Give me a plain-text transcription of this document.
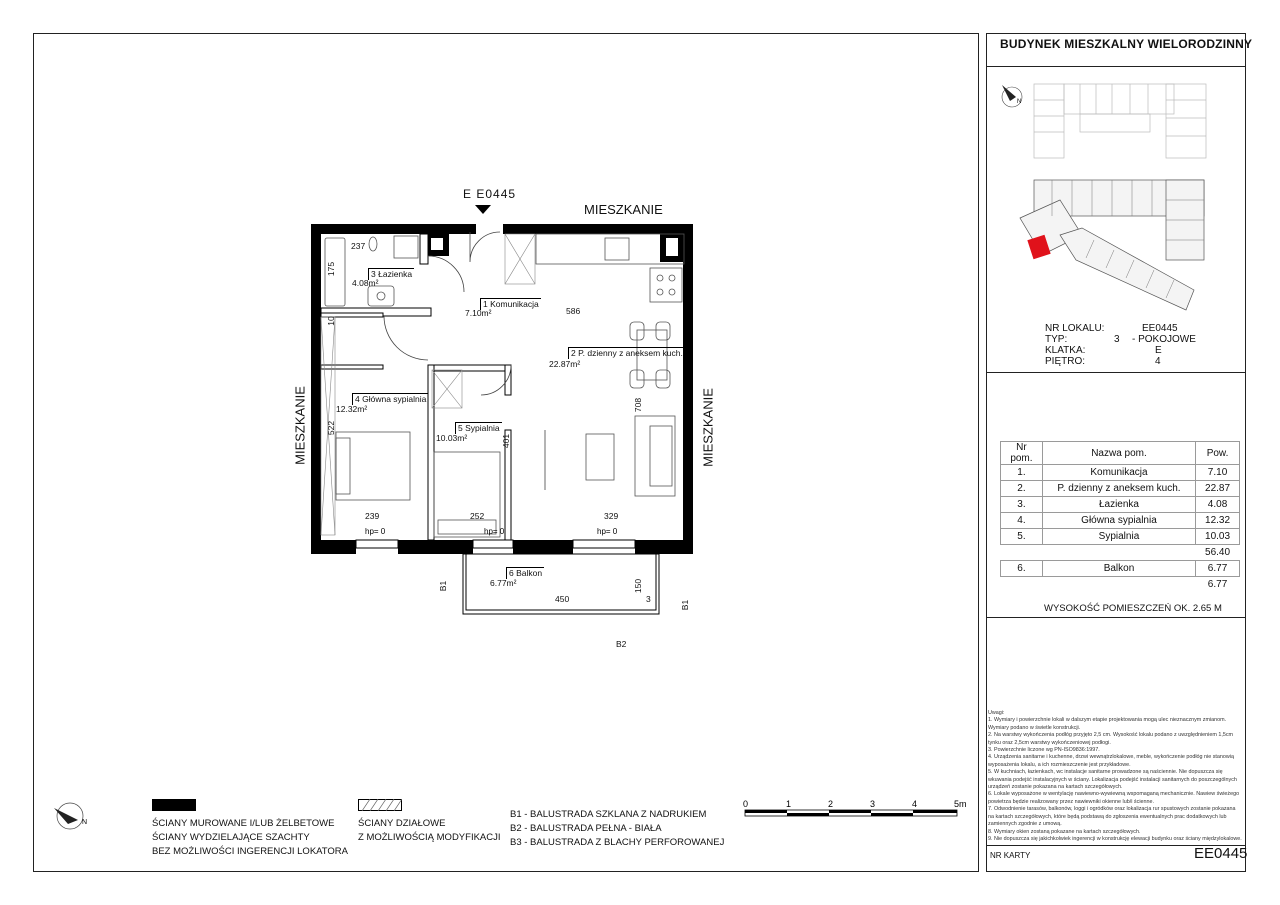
BUDYNEK MIESZKALNY WIELORODZINNY
N
NR LOKALU:	EE0445
TYP:	3 - POKOJOWE
KLATKA:	E
PIĘTRO:	4
Nr pom.	Nazwa pom.	Pow.
1.	Komunikacja	7.10
2.	P. dzienny z aneksem kuch.	22.87
3.	Łazienka	4.08
4.	Główna sypialnia	12.32
5.	Sypialnia	10.03
		56.40
6.	Balkon	6.77
		6.77
WYSOKOŚĆ POMIESZCZEŃ OK. 2.65 M
Uwagi:
1. Wymiary i powierzchnie lokali w dalszym etapie projektowania mogą ulec nieznacznym zmianom.
Wymiary podano w świetle konstrukcji.
2. Na warstwy wykończenia podłóg przyjęto 2,5 cm. Wysokość lokalu podano z uwzględnieniem 1,5cm
tynku oraz 2,5cm warstwy wykończeniowej podłogi.
3. Powierzchnie liczone wg PN-ISO9836:1997.
4. Urządzenia sanitarne i kuchenne, drzwi wewnątrzlokalowe, meble, wykończenie podłóg nie stanowią
wyposażenia lokalu, a ich rozmieszczenie jest przykładowe.
5. W kuchniach, łazienkach, wc instalacje sanitarne prowadzone są naściennie. Nie dopuszcza się
wkuwania podejść instalacyjnych w ściany. Lokalizacja podejść instalacji sanitarnych do poszczególnych
urządzeń zostanie pokazana na kartach szczegółowych.
6. Lokale wyposażone w wentylację nawiewno-wywiewną wspomaganą mechanicznie. Nawiew świeżego
powietrza będzie realizowany przez nawiewniki okienne lub/i ścienne.
7. Odwodnienie tarasów, balkonów, loggi i ogródków oraz lokalizacja rur spustowych zostanie pokazana
na kartach szczegółowych, które będą podstawą do zgłoszenia ewentualnych prac dodatkowych lub
zamiennych zgodnie z umową.
8. Wymiary okien zostaną pokazane na kartach szczegółowych.
9. Nie dopuszcza się jakichkolwiek ingerencji w konstrukcję elewacji budynku oraz ściany międzylokalowe.
NR KARTY	EE0445
E E0445
MIESZKANIE
MIESZKANIE	MIESZKANIE
hp= 0	hp= 0	hp= 0
3 Łazienka
4.08m²
1 Komunikacja
7.10m²
2 P. dzienny z aneksem kuch.
22.87m²
4 Główna sypialnia
12.32m²
5 Sypialnia
10.03m²
6 Balkon
6.77m²
237
175
10
586
522
401
708
239	252	329
450
150
3
B1
B1
B2
N	ŚCIANY MUROWANE I/LUB ŻELBETOWE
ŚCIANY WYDZIELAJĄCE SZACHTY
BEZ MOŻLIWOŚCI INGERENCJI LOKATORA
ŚCIANY DZIAŁOWE
Z MOŻLIWOŚCIĄ MODYFIKACJI
B1 - BALUSTRADA SZKLANA Z NADRUKIEM
B2 - BALUSTRADA PEŁNA - BIAŁA
B3 - BALUSTRADA Z BLACHY PERFOROWANEJ
0	1	2	3	4	5m
